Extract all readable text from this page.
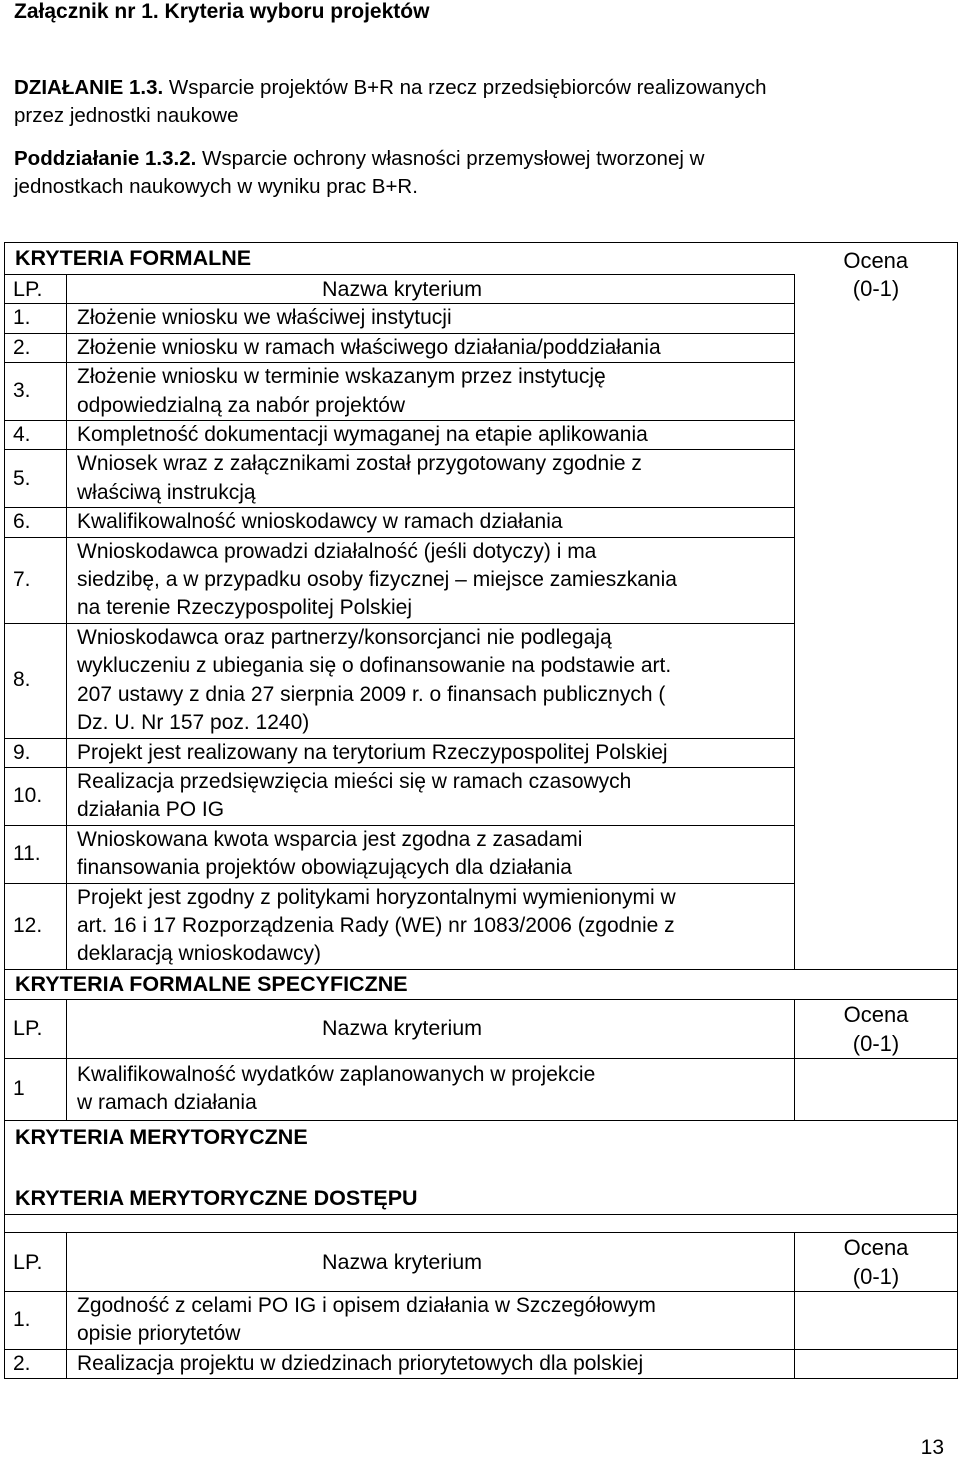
Załącznik nr 1. Kryteria wyboru projektów
DZIAŁANIE 1.3. Wsparcie projektów B+R na rzecz przedsiębiorców realizowanych
przez jednostki naukowe
Poddziałanie 1.3.2. Wsparcie ochrony własności przemysłowej tworzonej w
jednostkach naukowych w wyniku prac B+R.
KRYTERIA FORMALNE		Ocena

LP.	Nazwa kryterium	(0-1)

1.	Złożenie wniosku we właściwej instytucji	

2.	Złożenie wniosku w ramach właściwego działania/poddziałania	

3.	Złożenie wniosku w terminie wskazanym przez instytucję
odpowiedzialną za nabór projektów	

4.	Kompletność dokumentacji wymaganej na etapie aplikowania	

5.	Wniosek wraz z załącznikami został przygotowany zgodnie z
właściwą instrukcją	

6.	Kwalifikowalność wnioskodawcy w ramach działania	

7.	Wnioskodawca prowadzi działalność (jeśli dotyczy) i ma
siedzibę, a w przypadku osoby fizycznej – miejsce zamieszkania
na terenie Rzeczypospolitej Polskiej	

8.	Wnioskodawca oraz partnerzy/konsorcjanci nie podlegają
wykluczeniu z ubiegania się o dofinansowanie na podstawie art.
207 ustawy z dnia 27 sierpnia 2009 r. o finansach publicznych (
Dz. U. Nr 157 poz. 1240)	

9.	Projekt jest realizowany na terytorium Rzeczypospolitej Polskiej	

10.	Realizacja przedsięwzięcia mieści się w ramach czasowych
działania PO IG	

11.	Wnioskowana kwota wsparcia jest zgodna z zasadami
finansowania projektów obowiązujących dla działania	

12.	Projekt jest zgodny z politykami horyzontalnymi wymienionymi w
art. 16 i 17 Rozporządzenia Rady (WE) nr 1083/2006 (zgodnie z
deklaracją wnioskodawcy)	

KRYTERIA FORMALNE SPECYFICZNE		
LP.	Nazwa kryterium	Ocena
(0-1)

1	Kwalifikowalność wydatków zaplanowanych w projekcie
w ramach działania	

KRYTERIA MERYTORYCZNE		

KRYTERIA MERYTORYCZNE DOSTĘPU		

LP.	Nazwa kryterium	Ocena
(0-1)

1.	Zgodność z celami PO IG i opisem działania w Szczegółowym
opisie priorytetów	

2.	Realizacja projektu w dziedzinach priorytetowych dla polskiej	

13
